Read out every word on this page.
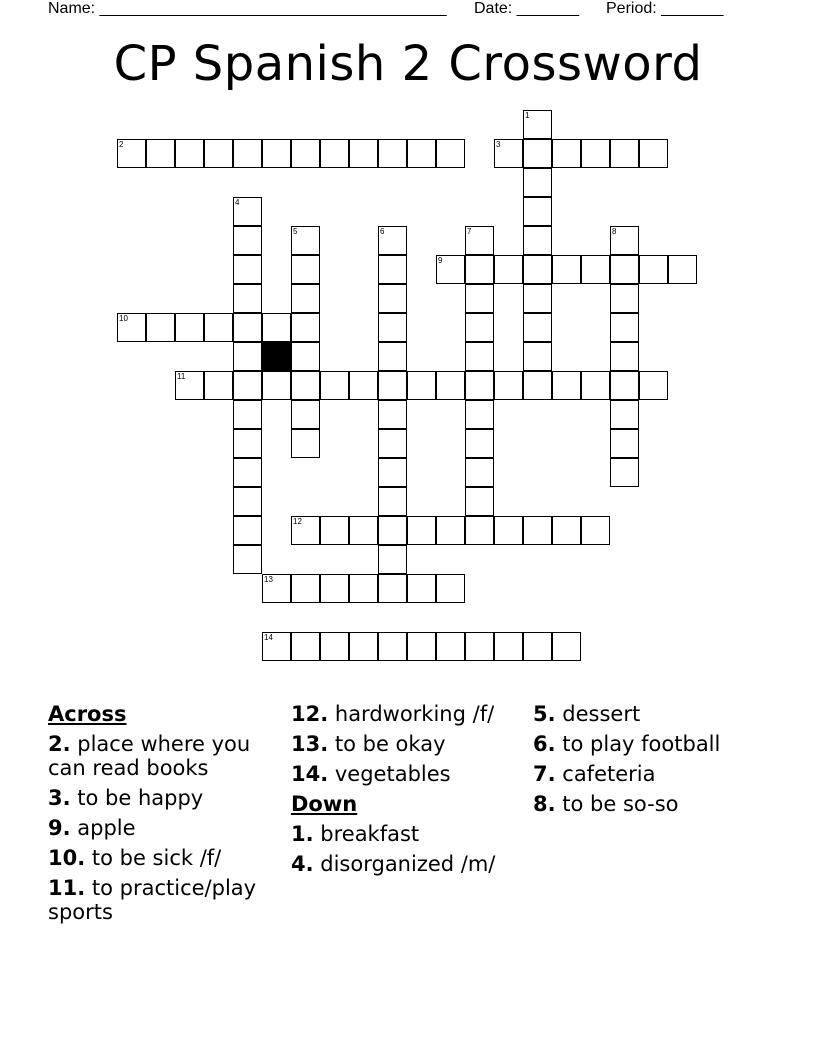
Name: _______________________________________ Date: _______ Period: _______
CP Spanish 2 Crossword
1
2	3
4
5	6	7	8
9
10
11
12
13
14
Across
2. place where you can read books
3. to be happy
9. apple
10. to be sick /f/
11. to practice/play sports
12. hardworking /f/
13. to be okay
14. vegetables
Down
1. breakfast
4. disorganized /m/
5. dessert
6. to play football
7. cafeteria
8. to be so-so
